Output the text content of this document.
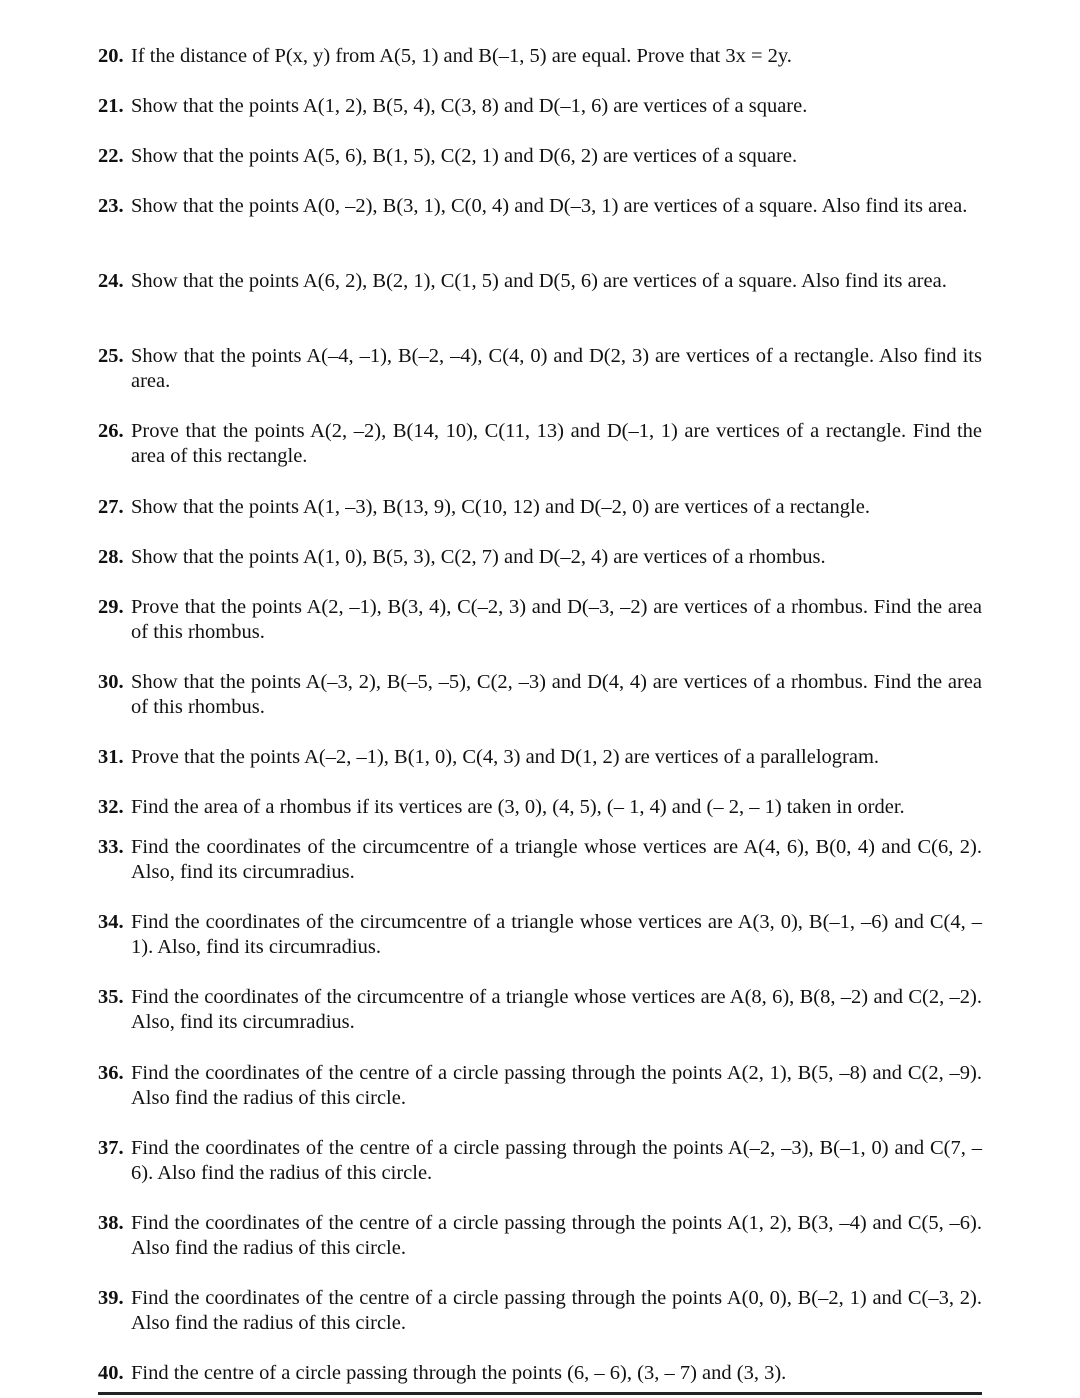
20. If the distance of P(x, y) from A(5, 1) and B(–1, 5) are equal. Prove that 3x = 2y.
21. Show that the points A(1, 2), B(5, 4), C(3, 8) and D(–1, 6) are vertices of a square.
22. Show that the points A(5, 6), B(1, 5), C(2, 1) and D(6, 2) are vertices of a square.
23. Show that the points A(0, –2), B(3, 1), C(0, 4) and D(–3, 1) are vertices of a square. Also find its area.
24. Show that the points A(6, 2), B(2, 1), C(1, 5) and D(5, 6) are vertices of a square. Also find its area.
25. Show that the points A(–4, –1), B(–2, –4), C(4, 0) and D(2, 3) are vertices of a rectangle. Also find its area.
26. Prove that the points A(2, –2), B(14, 10), C(11, 13) and D(–1, 1) are vertices of a rectangle. Find the area of this rectangle.
27. Show that the points A(1, –3), B(13, 9), C(10, 12) and D(–2, 0) are vertices of a rectangle.
28. Show that the points A(1, 0), B(5, 3), C(2, 7) and D(–2, 4) are vertices of a rhombus.
29. Prove that the points A(2, –1), B(3, 4), C(–2, 3) and D(–3, –2) are vertices of a rhombus. Find the area of this rhombus.
30. Show that the points A(–3, 2), B(–5, –5), C(2, –3) and D(4, 4) are vertices of a rhombus. Find the area of this rhombus.
31. Prove that the points A(–2, –1), B(1, 0), C(4, 3) and D(1, 2) are vertices of a parallelogram.
32. Find the area of a rhombus if its vertices are (3, 0), (4, 5), (– 1, 4) and (– 2, – 1) taken in order.
33. Find the coordinates of the circumcentre of a triangle whose vertices are A(4, 6), B(0, 4) and C(6, 2). Also, find its circumradius.
34. Find the coordinates of the circumcentre of a triangle whose vertices are A(3, 0), B(–1, –6) and C(4, –1). Also, find its circumradius.
35. Find the coordinates of the circumcentre of a triangle whose vertices are A(8, 6), B(8, –2) and C(2, –2). Also, find its circumradius.
36. Find the coordinates of the centre of a circle passing through the points A(2, 1), B(5, –8) and C(2, –9). Also find the radius of this circle.
37. Find the coordinates of the centre of a circle passing through the points A(–2, –3), B(–1, 0) and C(7, –6). Also find the radius of this circle.
38. Find the coordinates of the centre of a circle passing through the points A(1, 2), B(3, –4) and C(5, –6). Also find the radius of this circle.
39. Find the coordinates of the centre of a circle passing through the points A(0, 0), B(–2, 1) and C(–3, 2). Also find the radius of this circle.
40. Find the centre of a circle passing through the points (6, – 6), (3, – 7) and (3, 3).
